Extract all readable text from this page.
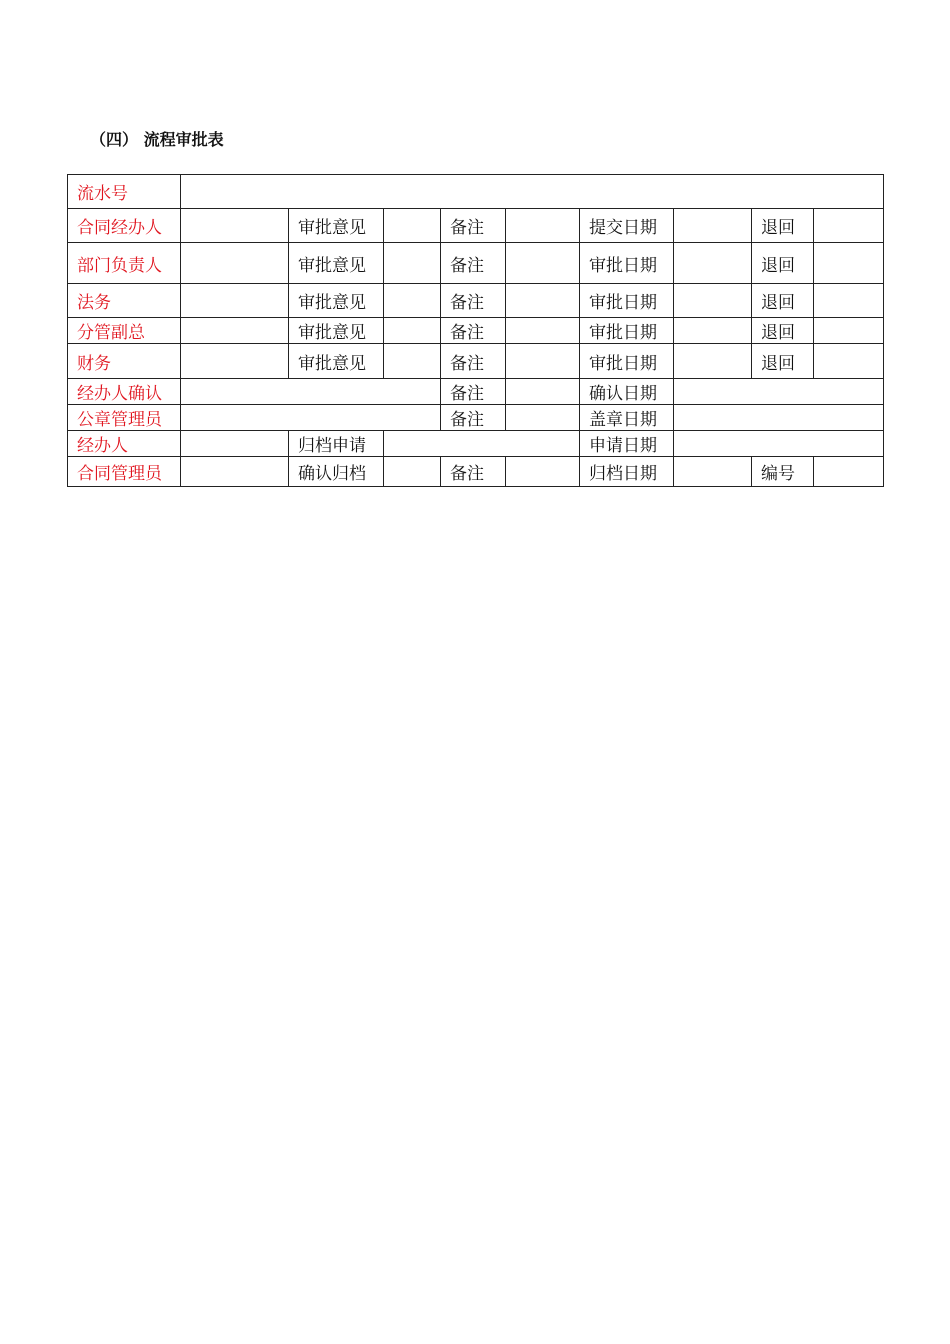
（四） 流程审批表
流水号									
合同经办人		审批意见		备注		提交日期		退回	
部门负责人		审批意见		备注		审批日期		退回	
法务		审批意见		备注		审批日期		退回	
分管副总		审批意见		备注		审批日期		退回	
财务		审批意见		备注		审批日期		退回	
经办人确认				备注		确认日期			
公章管理员				备注		盖章日期			
经办人		归档申请				申请日期			
合同管理员		确认归档		备注		归档日期		编号	
